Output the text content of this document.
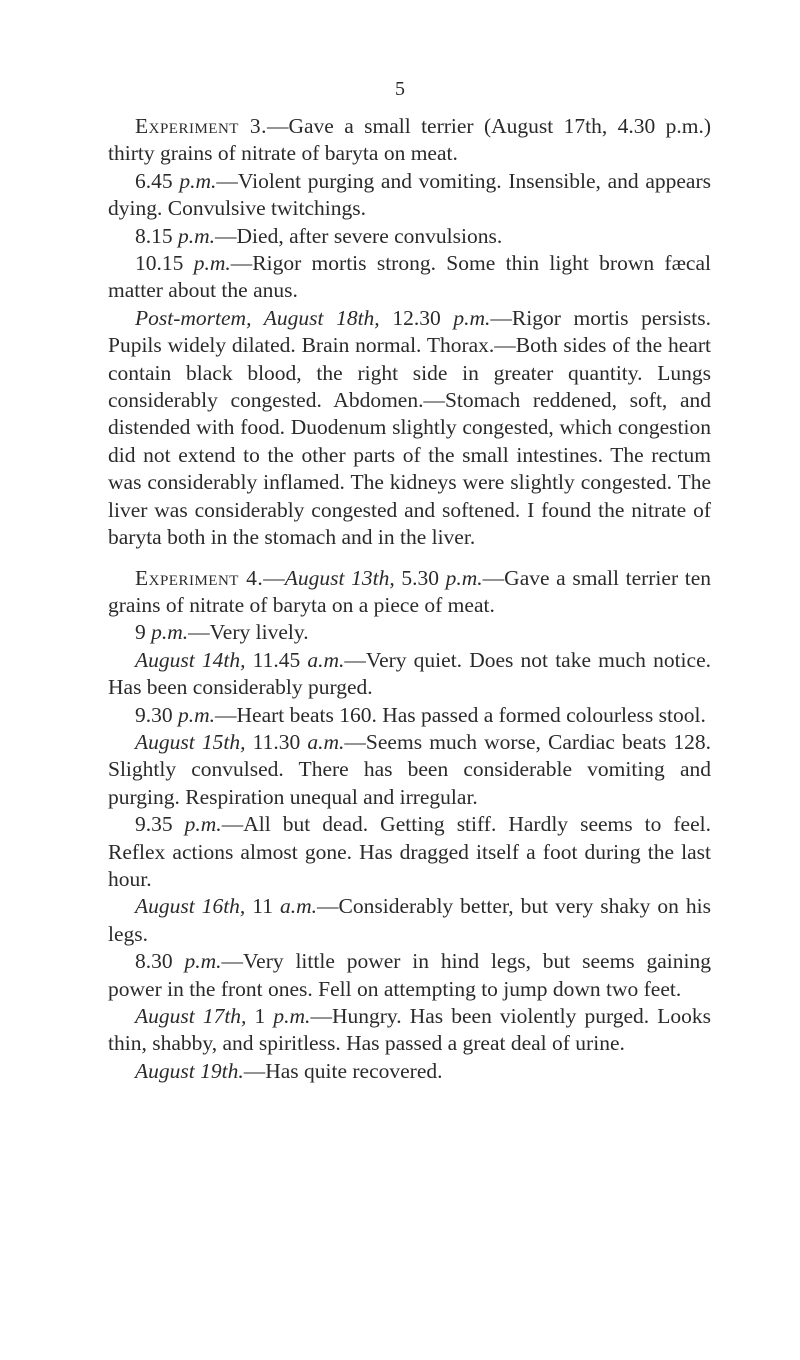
5

Experiment 3.—Gave a small terrier (August 17th, 4.30 p.m.) thirty grains of nitrate of baryta on meat.

6.45 p.m.—Violent purging and vomiting. Insensible, and appears dying. Convulsive twitchings.

8.15 p.m.—Died, after severe convulsions.

10.15 p.m.—Rigor mortis strong. Some thin light brown fæcal matter about the anus.

Post-mortem, August 18th, 12.30 p.m.—Rigor mortis persists. Pupils widely dilated. Brain normal. Thorax.—Both sides of the heart contain black blood, the right side in greater quantity. Lungs considerably congested. Abdomen.—Stomach reddened, soft, and distended with food. Duodenum slightly congested, which congestion did not extend to the other parts of the small intestines. The rectum was considerably inflamed. The kidneys were slightly congested. The liver was considerably congested and softened. I found the nitrate of baryta both in the stomach and in the liver.

Experiment 4.—August 13th, 5.30 p.m.—Gave a small terrier ten grains of nitrate of baryta on a piece of meat.

9 p.m.—Very lively.

August 14th, 11.45 a.m.—Very quiet. Does not take much notice. Has been considerably purged.

9.30 p.m.—Heart beats 160. Has passed a formed colourless stool.

August 15th, 11.30 a.m.—Seems much worse, Cardiac beats 128. Slightly convulsed. There has been considerable vomiting and purging. Respiration unequal and irregular.

9.35 p.m.—All but dead. Getting stiff. Hardly seems to feel. Reflex actions almost gone. Has dragged itself a foot during the last hour.

August 16th, 11 a.m.—Considerably better, but very shaky on his legs.

8.30 p.m.—Very little power in hind legs, but seems gaining power in the front ones. Fell on attempting to jump down two feet.

August 17th, 1 p.m.—Hungry. Has been violently purged. Looks thin, shabby, and spiritless. Has passed a great deal of urine.

August 19th.—Has quite recovered.
